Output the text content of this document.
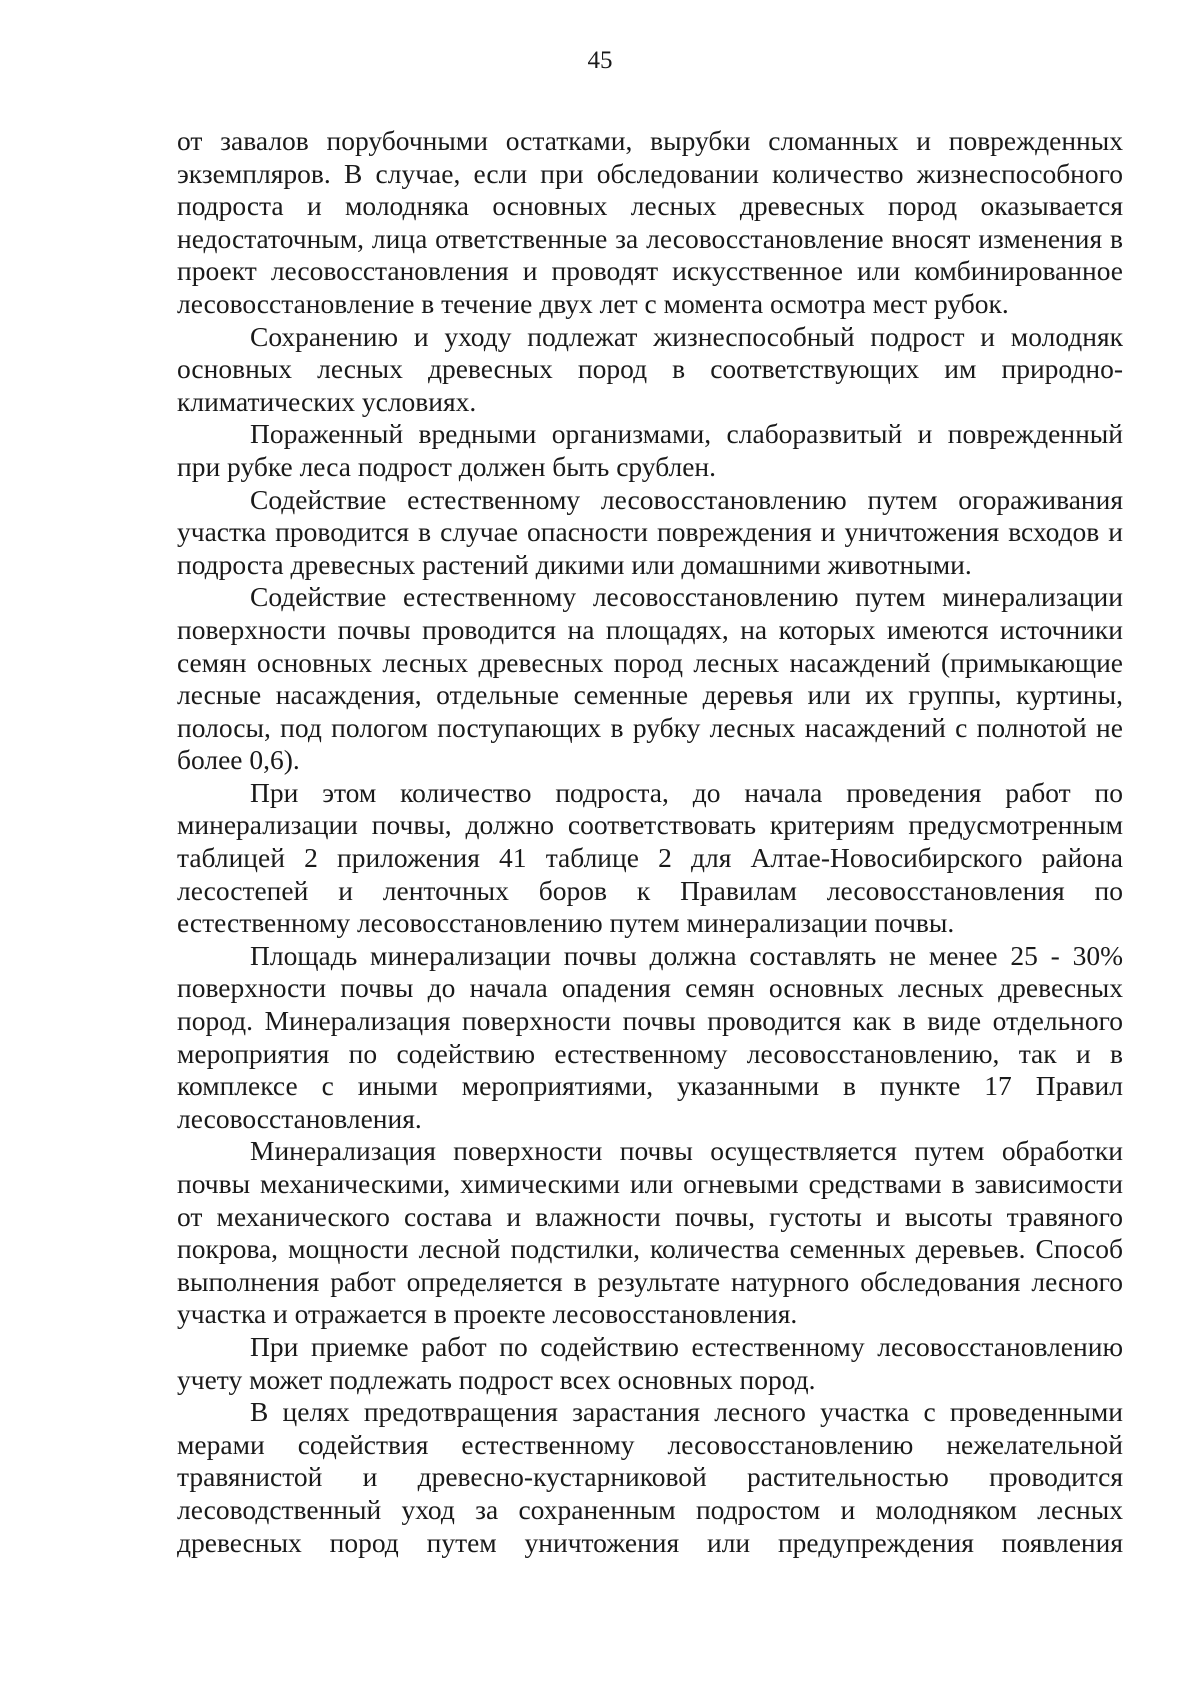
45

от завалов порубочными остатками, вырубки сломанных и поврежденных экземпляров. В случае, если при обследовании количество жизнеспособного подроста и молодняка основных лесных древесных пород оказывается недостаточным, лица ответственные за лесовосстановление вносят изменения в проект лесовосстановления и проводят искусственное или комбинированное лесовосстановление в течение двух лет с момента осмотра мест рубок.

Сохранению и уходу подлежат жизнеспособный подрост и молодняк основных лесных древесных пород в соответствующих им природно-климатических условиях.

Пораженный вредными организмами, слаборазвитый и поврежденный при рубке леса подрост должен быть срублен.

Содействие естественному лесовосстановлению путем огораживания участка проводится в случае опасности повреждения и уничтожения всходов и подроста древесных растений дикими или домашними животными.

Содействие естественному лесовосстановлению путем минерализации поверхности почвы проводится на площадях, на которых имеются источники семян основных лесных древесных пород лесных насаждений (примыкающие лесные насаждения, отдельные семенные деревья или их группы, куртины, полосы, под пологом поступающих в рубку лесных насаждений с полнотой не более 0,6).

При этом количество подроста, до начала проведения работ по минерализации почвы, должно соответствовать критериям предусмотренным таблицей 2 приложения 41 таблице 2 для Алтае-Новосибирского района лесостепей и ленточных боров к Правилам лесовосстановления по естественному лесовосстановлению путем минерализации почвы.

Площадь минерализации почвы должна составлять не менее 25 - 30% поверхности почвы до начала опадения семян основных лесных древесных пород. Минерализация поверхности почвы проводится как в виде отдельного мероприятия по содействию естественному лесовосстановлению, так и в комплексе с иными мероприятиями, указанными в пункте 17 Правил лесовосстановления.

Минерализация поверхности почвы осуществляется путем обработки почвы механическими, химическими или огневыми средствами в зависимости от механического состава и влажности почвы, густоты и высоты травяного покрова, мощности лесной подстилки, количества семенных деревьев. Способ выполнения работ определяется в результате натурного обследования лесного участка и отражается в проекте лесовосстановления.

При приемке работ по содействию естественному лесовосстановлению учету может подлежать подрост всех основных пород.

В целях предотвращения зарастания лесного участка с проведенными мерами содействия естественному лесовосстановлению нежелательной травянистой и древесно-кустарниковой растительностью проводится лесоводственный уход за сохраненным подростом и молодняком лесных древесных пород путем уничтожения или предупреждения появления
